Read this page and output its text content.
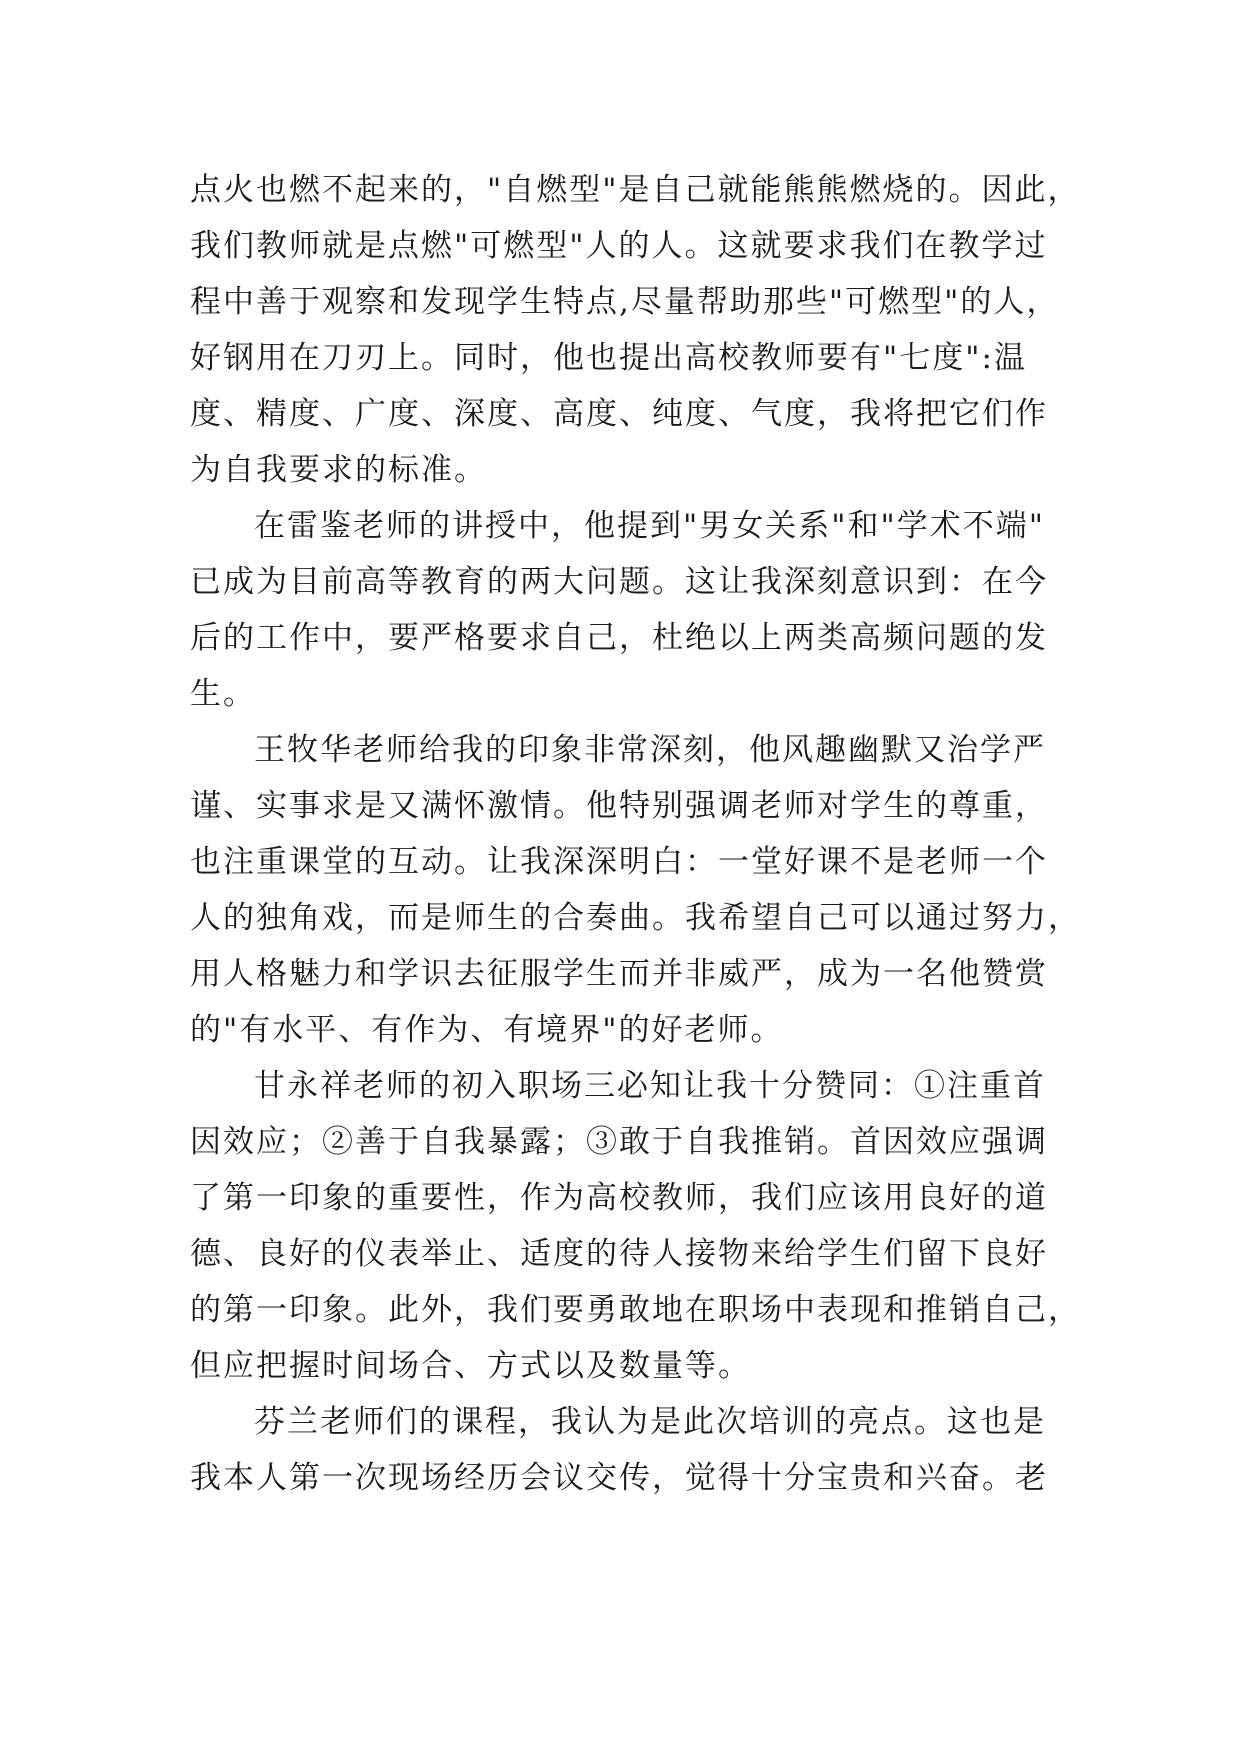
点火也燃不起来的，"自燃型"是自己就能熊熊燃烧的。因此，
我们教师就是点燃"可燃型"人的人。这就要求我们在教学过
程中善于观察和发现学生特点,尽量帮助那些"可燃型"的人，
好钢用在刀刃上。同时，他也提出高校教师要有"七度":温
度、精度、广度、深度、高度、纯度、气度，我将把它们作
为自我要求的标准。
在雷鉴老师的讲授中，他提到"男女关系"和"学术不端"
已成为目前高等教育的两大问题。这让我深刻意识到：在今
后的工作中，要严格要求自己，杜绝以上两类高频问题的发
生。
王牧华老师给我的印象非常深刻，他风趣幽默又治学严
谨、实事求是又满怀激情。他特别强调老师对学生的尊重，
也注重课堂的互动。让我深深明白：一堂好课不是老师一个
人的独角戏，而是师生的合奏曲。我希望自己可以通过努力，
用人格魅力和学识去征服学生而并非威严，成为一名他赞赏
的"有水平、有作为、有境界"的好老师。
甘永祥老师的初入职场三必知让我十分赞同：①注重首
因效应；②善于自我暴露；③敢于自我推销。首因效应强调
了第一印象的重要性，作为高校教师，我们应该用良好的道
德、良好的仪表举止、适度的待人接物来给学生们留下良好
的第一印象。此外，我们要勇敢地在职场中表现和推销自己，
但应把握时间场合、方式以及数量等。
芬兰老师们的课程，我认为是此次培训的亮点。这也是
我本人第一次现场经历会议交传，觉得十分宝贵和兴奋。老
